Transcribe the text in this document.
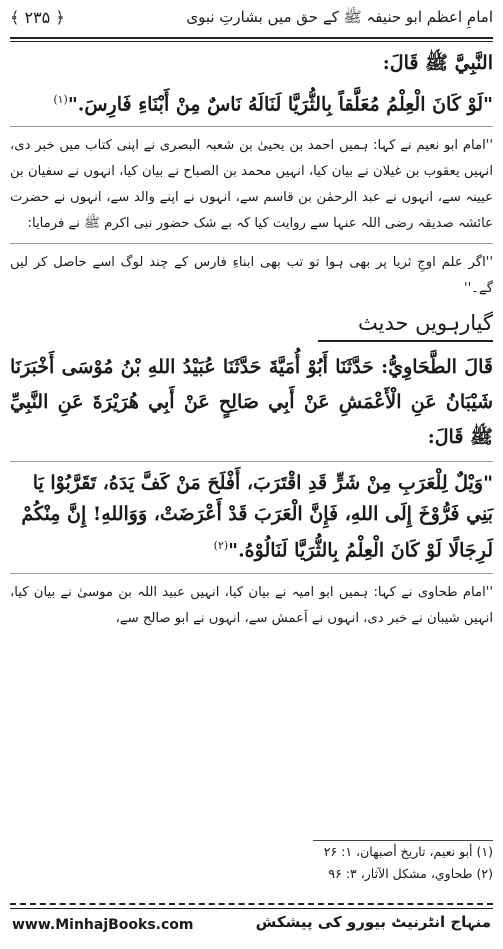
﴾ ۲۳۵ ﴿	امامِ اعظم ابو حنیفہ ﷺ کے حق میں بشارتِ نبوی

النَّبِيَّ ﷺ قَالَ:

"لَوْ كَانَ الْعِلْمُ مُعَلَّقاً بِالثُّرَيَّا لَنَالَهُ نَاسٌ مِنْ أَبْنَاءِ فَارِسَ."$^{(۱)}$

''امام ابو نعیم نے کہا: ہمیں احمد بن یحییٰ بن شعبہ البصری نے اپنی کتاب میں خبر دی، انہیں یعقوب بن غیلان نے بیان کیا، انہیں محمد بن الصباح نے بیان کیا، انہوں نے سفیان بن عیینہ سے، انہوں نے عبد الرحمٰن بن قاسم سے، انہوں نے اپنے والد سے، انہوں نے حضرت عائشہ صدیقہ رضی اللہ عنہا سے روایت کیا کہ بے شک حضور نبی اکرم ﷺ نے فرمایا:

''اگر علم اوجِ ثریا پر بھی ہوا تو تب بھی ابناءِ فارس کے چند لوگ اسے حاصل کر لیں گے۔''

گیارہویں حدیث

قَالَ الطَّحَاوِيُّ: حَدَّثَنَا أَبُوْ أُمَيَّةَ حَدَّثَنَا عُبَيْدُ اللهِ بْنُ مُوْسَى أَخْبَرَنَا شَيْبَانُ عَنِ الْأَعْمَشِ عَنْ أَبِي صَالِحٍ عَنْ أَبِي هُرَيْرَةَ عَنِ النَّبِيِّ ﷺ قَالَ:

"وَيْلٌ لِلْعَرَبِ مِنْ شَرٍّ قَدِ اقْتَرَبَ، أَفْلَحَ مَنْ كَفَّ يَدَهُ، تَقَرَّبُوْا يَا بَنِي فَرُّوْخَ إِلَى اللهِ، فَإِنَّ الْعَرَبَ قَدْ أَعْرَضَتْ، وَوَاللهِ! إِنَّ مِنْكُمْ لَرِجَالًا لَوْ كَانَ الْعِلْمُ بِالثُّرَيَّا لَنَالُوْهُ."$^{(۲)}$

''امام طحاوی نے کہا: ہمیں ابو امیہ نے بیان کیا، انہیں عبید اللہ بن موسیٰ نے بیان کیا، انہیں شیبان نے خبر دی، انہوں نے اَعمش سے، انہوں نے ابو صالح سے،

(۱) أبو نعيم، تاريخ أصبهان، ۱: ۲۶
(۲) طحاوي، مشكل الآثار، ۳: ۹۶
www.MinhajBooks.com	منہاج انٹرنیٹ بیورو کی پیشکش
